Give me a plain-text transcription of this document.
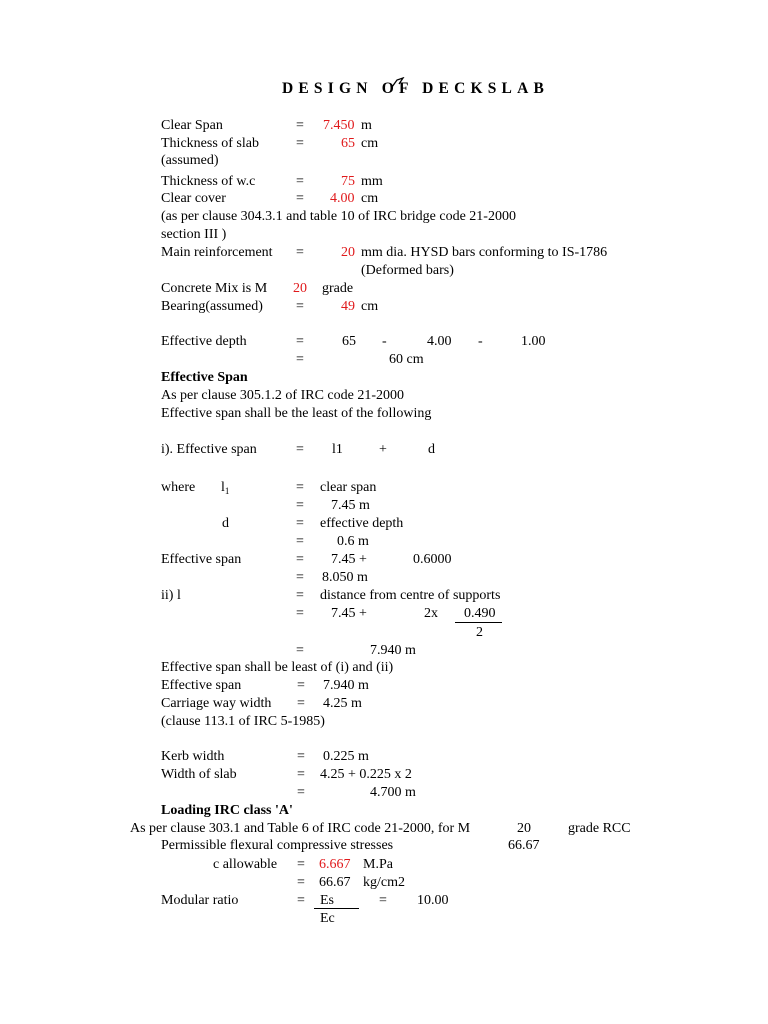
DESIGN OF DECKSLAB
Clear Span	= 7.450 m
Thickness of slab	=	65 cm
(assumed)
Thickness of w.c	=	75 mm
Clear cover	= 4.00 cm
(as per clause 304.3.1 and table 10 of IRC bridge code 21-2000
section III )
Main reinforcement =	20 mm dia. HYSD bars conforming to IS-1786
(Deformed bars)
Concrete Mix is M 20 grade
Bearing(assumed) =	49 cm
Effective depth	=	65 -	4.00 -	1.00
=	60 cm
Effective Span
As per clause 305.1.2 of IRC code 21-2000
Effective span shall be the least of the following
i). Effective span	= l1	+	d
where $l_1$	= clear span
= 7.45 m
d	= effective depth
= 0.6 m
Effective span	= 7.45 +	0.6000
= 8.050 m
ii) l	= distance from centre of supports
= 7.45 +	2x 0.490
2
=	7.940 m
Effective span shall be least of (i) and (ii)
Effective span	= 7.940 m
Carriage way width = 4.25 m
(clause 113.1 of IRC 5-1985)
Kerb width	= 0.225 m
Width of slab	= 4.25 + 0.225 x 2
=	4.700 m
Loading IRC class 'A'
As per clause 303.1 and Table 6 of IRC code 21-2000, for M	20	grade RCC
Permissible flexural compressive stresses	66.67
c allowable = 6.667 M.Pa
= 66.67 kg/cm2
Modular ratio	= Es	= 10.00
Ec
